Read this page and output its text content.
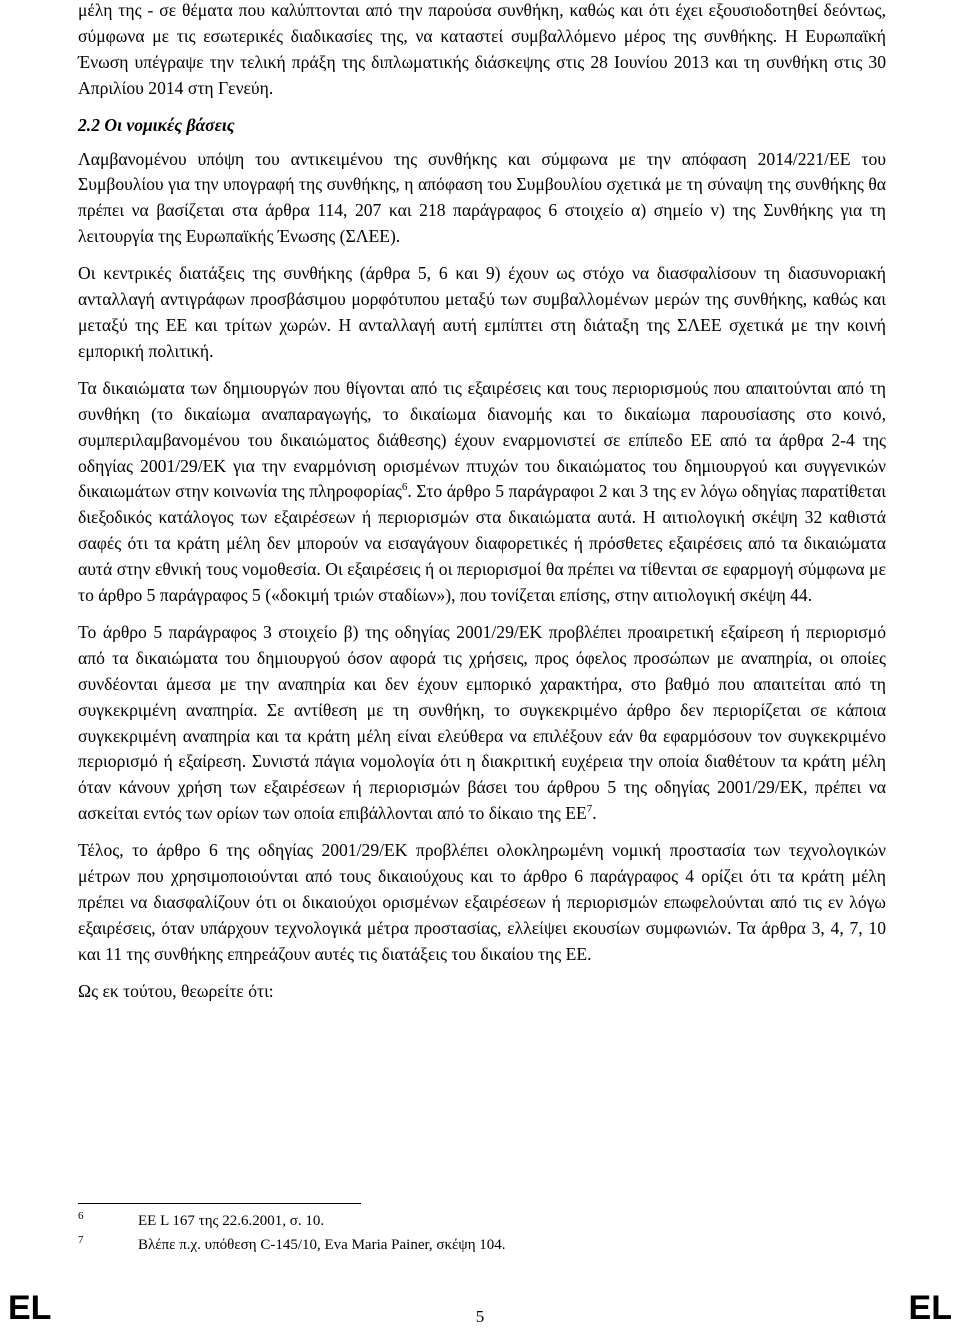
μέλη της - σε θέματα που καλύπτονται από την παρούσα συνθήκη, καθώς και ότι έχει εξουσιοδοτηθεί δεόντως, σύμφωνα με τις εσωτερικές διαδικασίες της, να καταστεί συμβαλλόμενο μέρος της συνθήκης. Η Ευρωπαϊκή Ένωση υπέγραψε την τελική πράξη της διπλωματικής διάσκεψης στις 28 Ιουνίου 2013 και τη συνθήκη στις 30 Απριλίου 2014 στη Γενεύη.

2.2 Οι νομικές βάσεις

Λαμβανομένου υπόψη του αντικειμένου της συνθήκης και σύμφωνα με την απόφαση 2014/221/ΕΕ του Συμβουλίου για την υπογραφή της συνθήκης, η απόφαση του Συμβουλίου σχετικά με τη σύναψη της συνθήκης θα πρέπει να βασίζεται στα άρθρα 114, 207 και 218 παράγραφος 6 στοιχείο α) σημείο v) της Συνθήκης για τη λειτουργία της Ευρωπαϊκής Ένωσης (ΣΛΕΕ).

Οι κεντρικές διατάξεις της συνθήκης (άρθρα 5, 6 και 9) έχουν ως στόχο να διασφαλίσουν τη διασυνοριακή ανταλλαγή αντιγράφων προσβάσιμου μορφότυπου μεταξύ των συμβαλλομένων μερών της συνθήκης, καθώς και μεταξύ της ΕΕ και τρίτων χωρών. Η ανταλλαγή αυτή εμπίπτει στη διάταξη της ΣΛΕΕ σχετικά με την κοινή εμπορική πολιτική.

Τα δικαιώματα των δημιουργών που θίγονται από τις εξαιρέσεις και τους περιορισμούς που απαιτούνται από τη συνθήκη (το δικαίωμα αναπαραγωγής, το δικαίωμα διανομής και το δικαίωμα παρουσίασης στο κοινό, συμπεριλαμβανομένου του δικαιώματος διάθεσης) έχουν εναρμονιστεί σε επίπεδο ΕΕ από τα άρθρα 2-4 της οδηγίας 2001/29/ΕΚ για την εναρμόνιση ορισμένων πτυχών του δικαιώματος του δημιουργού και συγγενικών δικαιωμάτων στην κοινωνία της πληροφορίας$^6$. Στο άρθρο 5 παράγραφοι 2 και 3 της εν λόγω οδηγίας παρατίθεται διεξοδικός κατάλογος των εξαιρέσεων ή περιορισμών στα δικαιώματα αυτά. Η αιτιολογική σκέψη 32 καθιστά σαφές ότι τα κράτη μέλη δεν μπορούν να εισαγάγουν διαφορετικές ή πρόσθετες εξαιρέσεις από τα δικαιώματα αυτά στην εθνική τους νομοθεσία. Οι εξαιρέσεις ή οι περιορισμοί θα πρέπει να τίθενται σε εφαρμογή σύμφωνα με το άρθρο 5 παράγραφος 5 («δοκιμή τριών σταδίων»), που τονίζεται επίσης, στην αιτιολογική σκέψη 44.

Το άρθρο 5 παράγραφος 3 στοιχείο β) της οδηγίας 2001/29/ΕΚ προβλέπει προαιρετική εξαίρεση ή περιορισμό από τα δικαιώματα του δημιουργού όσον αφορά τις χρήσεις, προς όφελος προσώπων με αναπηρία, οι οποίες συνδέονται άμεσα με την αναπηρία και δεν έχουν εμπορικό χαρακτήρα, στο βαθμό που απαιτείται από τη συγκεκριμένη αναπηρία. Σε αντίθεση με τη συνθήκη, το συγκεκριμένο άρθρο δεν περιορίζεται σε κάποια συγκεκριμένη αναπηρία και τα κράτη μέλη είναι ελεύθερα να επιλέξουν εάν θα εφαρμόσουν τον συγκεκριμένο περιορισμό ή εξαίρεση. Συνιστά πάγια νομολογία ότι η διακριτική ευχέρεια την οποία διαθέτουν τα κράτη μέλη όταν κάνουν χρήση των εξαιρέσεων ή περιορισμών βάσει του άρθρου 5 της οδηγίας 2001/29/ΕΚ, πρέπει να ασκείται εντός των ορίων των οποία επιβάλλονται από το δίκαιο της $EE^7$.

Τέλος, το άρθρο 6 της οδηγίας 2001/29/ΕΚ προβλέπει ολοκληρωμένη νομική προστασία των τεχνολογικών μέτρων που χρησιμοποιούνται από τους δικαιούχους και το άρθρο 6 παράγραφος 4 ορίζει ότι τα κράτη μέλη πρέπει να διασφαλίζουν ότι οι δικαιούχοι ορισμένων εξαιρέσεων ή περιορισμών επωφελούνται από τις εν λόγω εξαιρέσεις, όταν υπάρχουν τεχνολογικά μέτρα προστασίας, ελλείψει εκουσίων συμφωνιών. Τα άρθρα 3, 4, 7, 10 και 11 της συνθήκης επηρεάζουν αυτές τις διατάξεις του δικαίου της ΕΕ.

Ως εκ τούτου, θεωρείτε ότι:

6	ΕΕ L 167 της 22.6.2001, σ. 10.
7	Βλέπε π.χ. υπόθεση C-145/10, Eva Maria Painer, σκέψη 104.
EL	5	EL
